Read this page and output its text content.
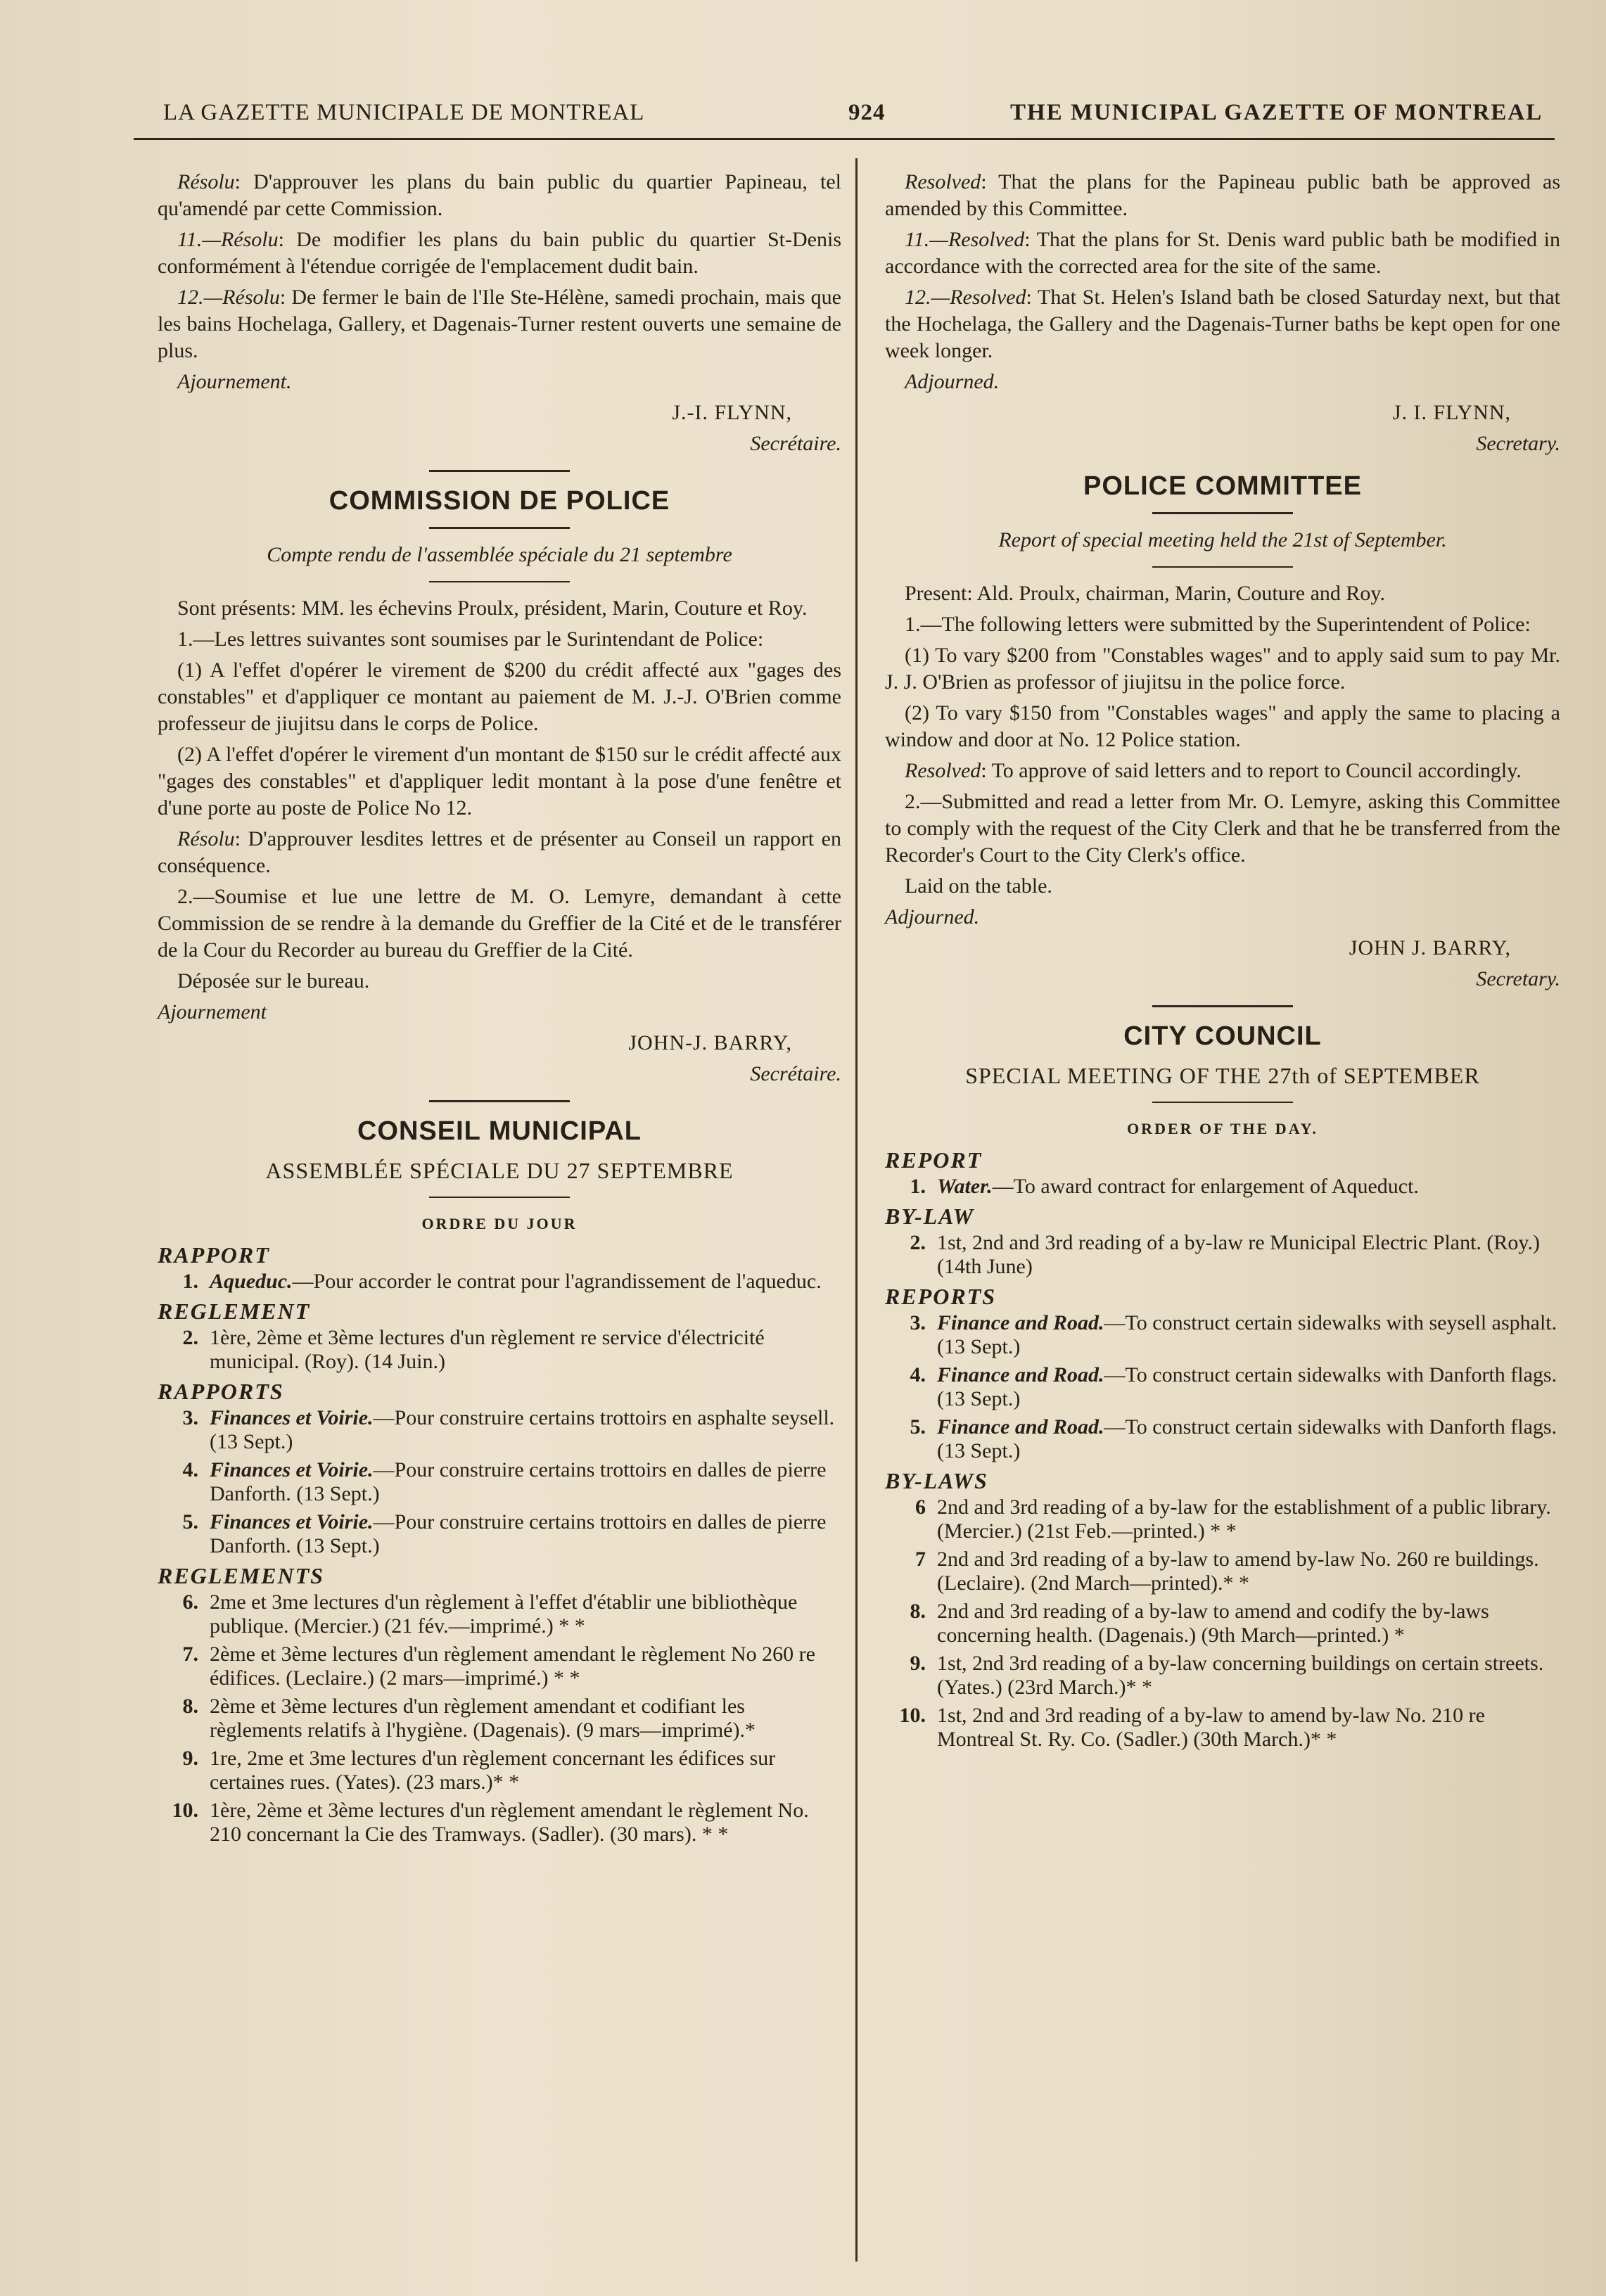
LA GAZETTE MUNICIPALE DE MONTREAL	924	THE MUNICIPAL GAZETTE OF MONTREAL

Résolu: D'approuver les plans du bain public du quartier Papineau, tel qu'amendé par cette Commission.

11.—Résolu: De modifier les plans du bain public du quartier St-Denis conformément à l'étendue corrigée de l'emplacement dudit bain.

12.—Résolu: De fermer le bain de l'Ile Ste-Hélène, samedi prochain, mais que les bains Hochelaga, Gallery, et Dagenais-Turner restent ouverts une semaine de plus.

Ajournement.

J.-I. FLYNN,

Secrétaire.

COMMISSION DE POLICE

Compte rendu de l'assemblée spéciale du 21 septembre

Sont présents: MM. les échevins Proulx, président, Marin, Couture et Roy.

1.—Les lettres suivantes sont soumises par le Surintendant de Police:

(1) A l'effet d'opérer le virement de $200 du crédit affecté aux "gages des constables" et d'appliquer ce montant au paiement de M. J.-J. O'Brien comme professeur de jiujitsu dans le corps de Police.

(2) A l'effet d'opérer le virement d'un montant de $150 sur le crédit affecté aux "gages des constables" et d'appliquer ledit montant à la pose d'une fenêtre et d'une porte au poste de Police No 12.

Résolu: D'approuver lesdites lettres et de présenter au Conseil un rapport en conséquence.

2.—Soumise et lue une lettre de M. O. Lemyre, demandant à cette Commission de se rendre à la demande du Greffier de la Cité et de le transférer de la Cour du Recorder au bureau du Greffier de la Cité.

Déposée sur le bureau.

Ajournement

JOHN-J. BARRY,

Secrétaire.

CONSEIL MUNICIPAL
ASSEMBLÉE SPÉCIALE DU 27 SEPTEMBRE
ORDRE DU JOUR
RAPPORT
1. Aqueduc.—Pour accorder le contrat pour l'agrandissement de l'aqueduc.
REGLEMENT
2. 1ère, 2ème et 3ème lectures d'un règlement re service d'électricité municipal. (Roy). (14 Juin.)
RAPPORTS
3. Finances et Voirie.—Pour construire certains trottoirs en asphalte seysell. (13 Sept.)
4. Finances et Voirie.—Pour construire certains trottoirs en dalles de pierre Danforth. (13 Sept.)
5. Finances et Voirie.—Pour construire certains trottoirs en dalles de pierre Danforth. (13 Sept.)
REGLEMENTS
6. 2me et 3me lectures d'un règlement à l'effet d'établir une bibliothèque publique. (Mercier.) (21 fév.—imprimé.) * *
7. 2ème et 3ème lectures d'un règlement amendant le règlement No 260 re édifices. (Leclaire.) (2 mars—imprimé.) * *
8. 2ème et 3ème lectures d'un règlement amendant et codifiant les règlements relatifs à l'hygiène. (Dagenais). (9 mars—imprimé).*
9. 1re, 2me et 3me lectures d'un règlement concernant les édifices sur certaines rues. (Yates). (23 mars.)* *
10. 1ère, 2ème et 3ème lectures d'un règlement amendant le règlement No. 210 concernant la Cie des Tramways. (Sadler). (30 mars). * *

Resolved: That the plans for the Papineau public bath be approved as amended by this Committee.

11.—Resolved: That the plans for St. Denis ward public bath be modified in accordance with the corrected area for the site of the same.

12.—Resolved: That St. Helen's Island bath be closed Saturday next, but that the Hochelaga, the Gallery and the Dagenais-Turner baths be kept open for one week longer.

Adjourned.

J. I. FLYNN,

Secretary.

POLICE COMMITTEE

Report of special meeting held the 21st of September.

Present: Ald. Proulx, chairman, Marin, Couture and Roy.

1.—The following letters were submitted by the Superintendent of Police:

(1) To vary $200 from "Constables wages" and to apply said sum to pay Mr. J. J. O'Brien as professor of jiujitsu in the police force.

(2) To vary $150 from "Constables wages" and apply the same to placing a window and door at No. 12 Police station.

Resolved: To approve of said letters and to report to Council accordingly.

2.—Submitted and read a letter from Mr. O. Lemyre, asking this Committee to comply with the request of the City Clerk and that he be transferred from the Recorder's Court to the City Clerk's office.

Laid on the table.

Adjourned.

JOHN J. BARRY,

Secretary.

CITY COUNCIL
SPECIAL MEETING OF THE 27th of SEPTEMBER
ORDER OF THE DAY.
REPORT
1. Water.—To award contract for enlargement of Aqueduct.
BY-LAW
2. 1st, 2nd and 3rd reading of a by-law re Municipal Electric Plant. (Roy.) (14th June)
REPORTS
3. Finance and Road.—To construct certain sidewalks with seysell asphalt. (13 Sept.)
4. Finance and Road.—To construct certain sidewalks with Danforth flags. (13 Sept.)
5. Finance and Road.—To construct certain sidewalks with Danforth flags. (13 Sept.)
BY-LAWS
6 2nd and 3rd reading of a by-law for the establishment of a public library. (Mercier.) (21st Feb.—printed.) * *
7 2nd and 3rd reading of a by-law to amend by-law No. 260 re buildings. (Leclaire). (2nd March—printed).* *
8. 2nd and 3rd reading of a by-law to amend and codify the by-laws concerning health. (Dagenais.) (9th March—printed.) *
9. 1st, 2nd 3rd reading of a by-law concerning buildings on certain streets. (Yates.) (23rd March.)* *
10. 1st, 2nd and 3rd reading of a by-law to amend by-law No. 210 re Montreal St. Ry. Co. (Sadler.) (30th March.)* *
